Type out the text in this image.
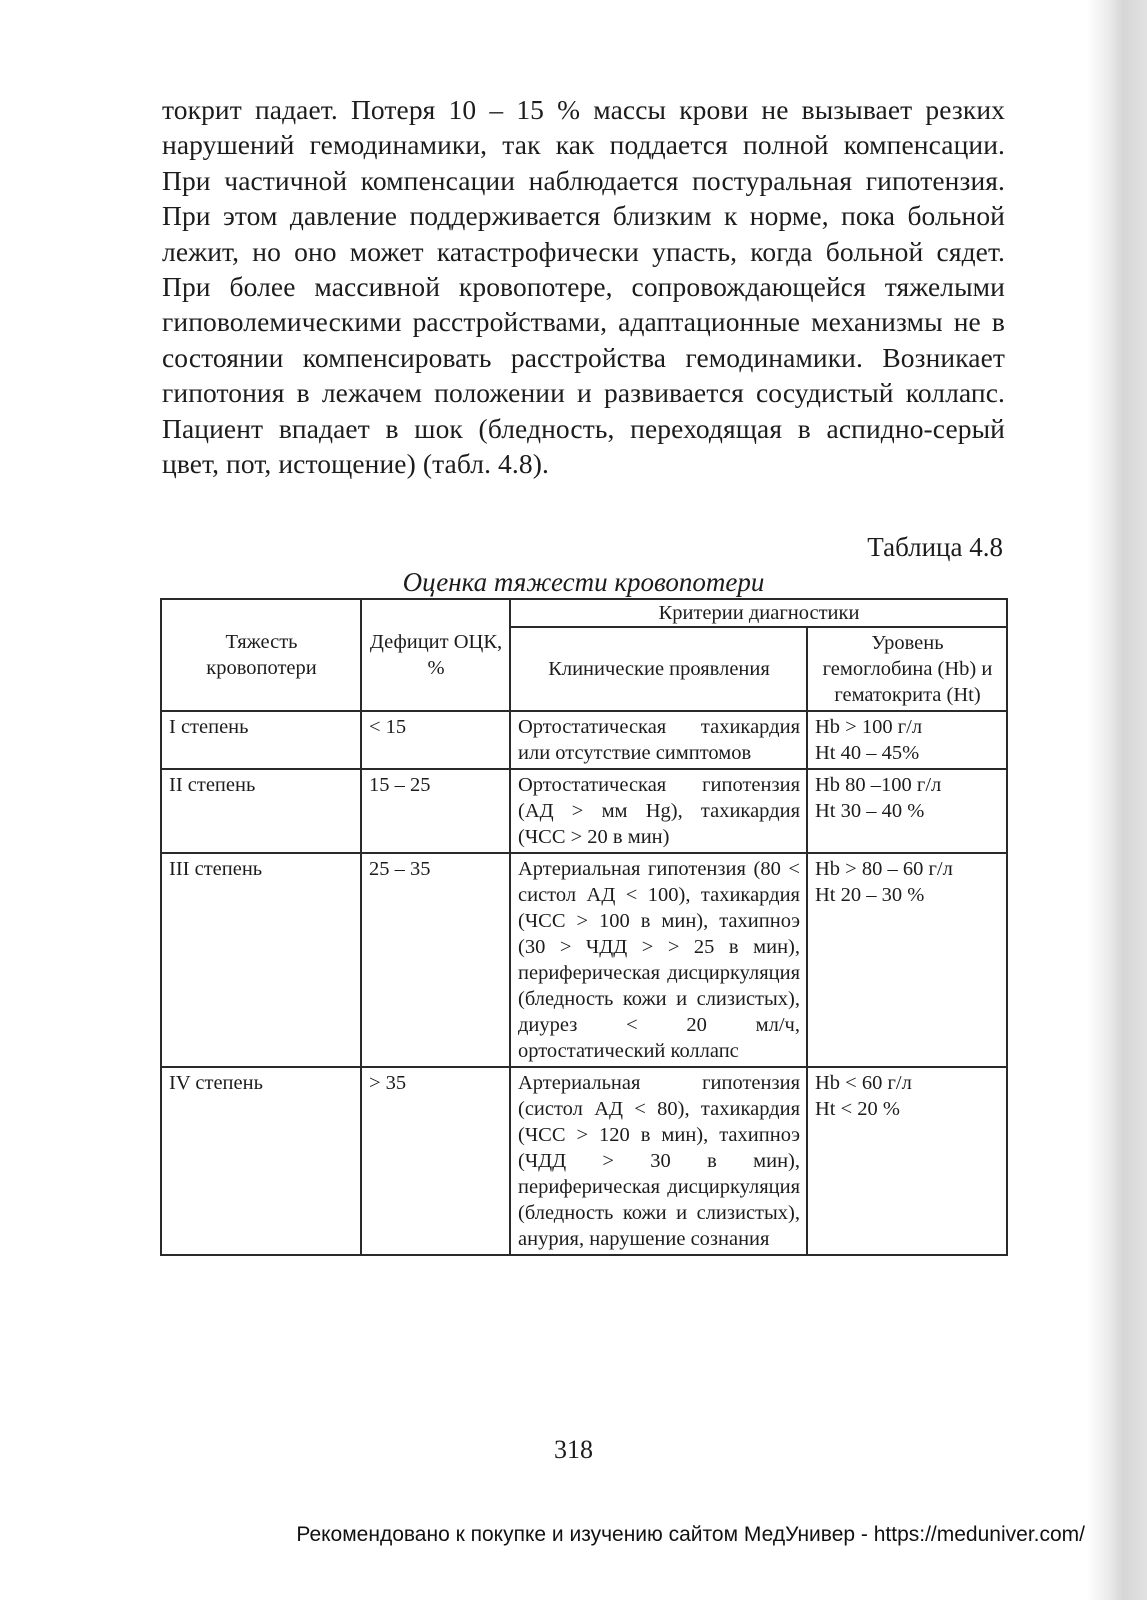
токрит падает. Потеря 10 – 15 % массы крови не вызывает резких нарушений гемодинамики, так как поддается полной компенсации. При частичной компенсации наблюдается постуральная гипотензия. При этом давление поддерживается близким к норме, пока больной лежит, но оно может катастрофически упасть, когда больной сядет. При более массивной кровопотере, сопровождающейся тяжелыми гиповолемическими расстройствами, адаптационные механизмы не в состоянии компенсировать расстройства гемодинамики. Возникает гипотония в лежачем положении и развивается сосудистый коллапс. Пациент впадает в шок (бледность, переходящая в аспидно-серый цвет, пот, истощение) (табл. 4.8).

Таблица 4.8

Оценка тяжести кровопотери

Тяжесть кровопотери	Дефицит ОЦК, %	Критерии диагностики	
		Клинические проявления	Уровень гемоглобина (Hb) и гематокрита (Ht)
I степень	< 15	Ортостатическая тахикардия или отсутствие симптомов	Hb > 100 г/л
Ht 40 – 45%

II степень	15 – 25	Ортостатическая гипотензия (АД > мм Hg), тахикардия (ЧСС > 20 в мин)	Hb 80 –100 г/л
Ht 30 – 40 %

III степень	25 – 35	Артериальная гипотензия (80 < систол АД < 100), тахикардия (ЧСС > 100 в мин), тахипноэ (30 > ЧДД > > 25 в мин), периферическая дисциркуляция (бледность кожи и слизистых), диурез < 20 мл/ч, ортостатический коллапс	Hb > 80 – 60 г/л
Ht 20 – 30 %

IV степень	> 35	Артериальная гипотензия (систол АД < 80), тахикардия (ЧСС > 120 в мин), тахипноэ (ЧДД > 30 в мин), периферическая дисциркуляция (бледность кожи и слизистых), анурия, нарушение сознания	Hb < 60 г/л
Ht < 20 %

318

Рекомендовано к покупке и изучению сайтом МедУнивер - https://meduniver.com/
